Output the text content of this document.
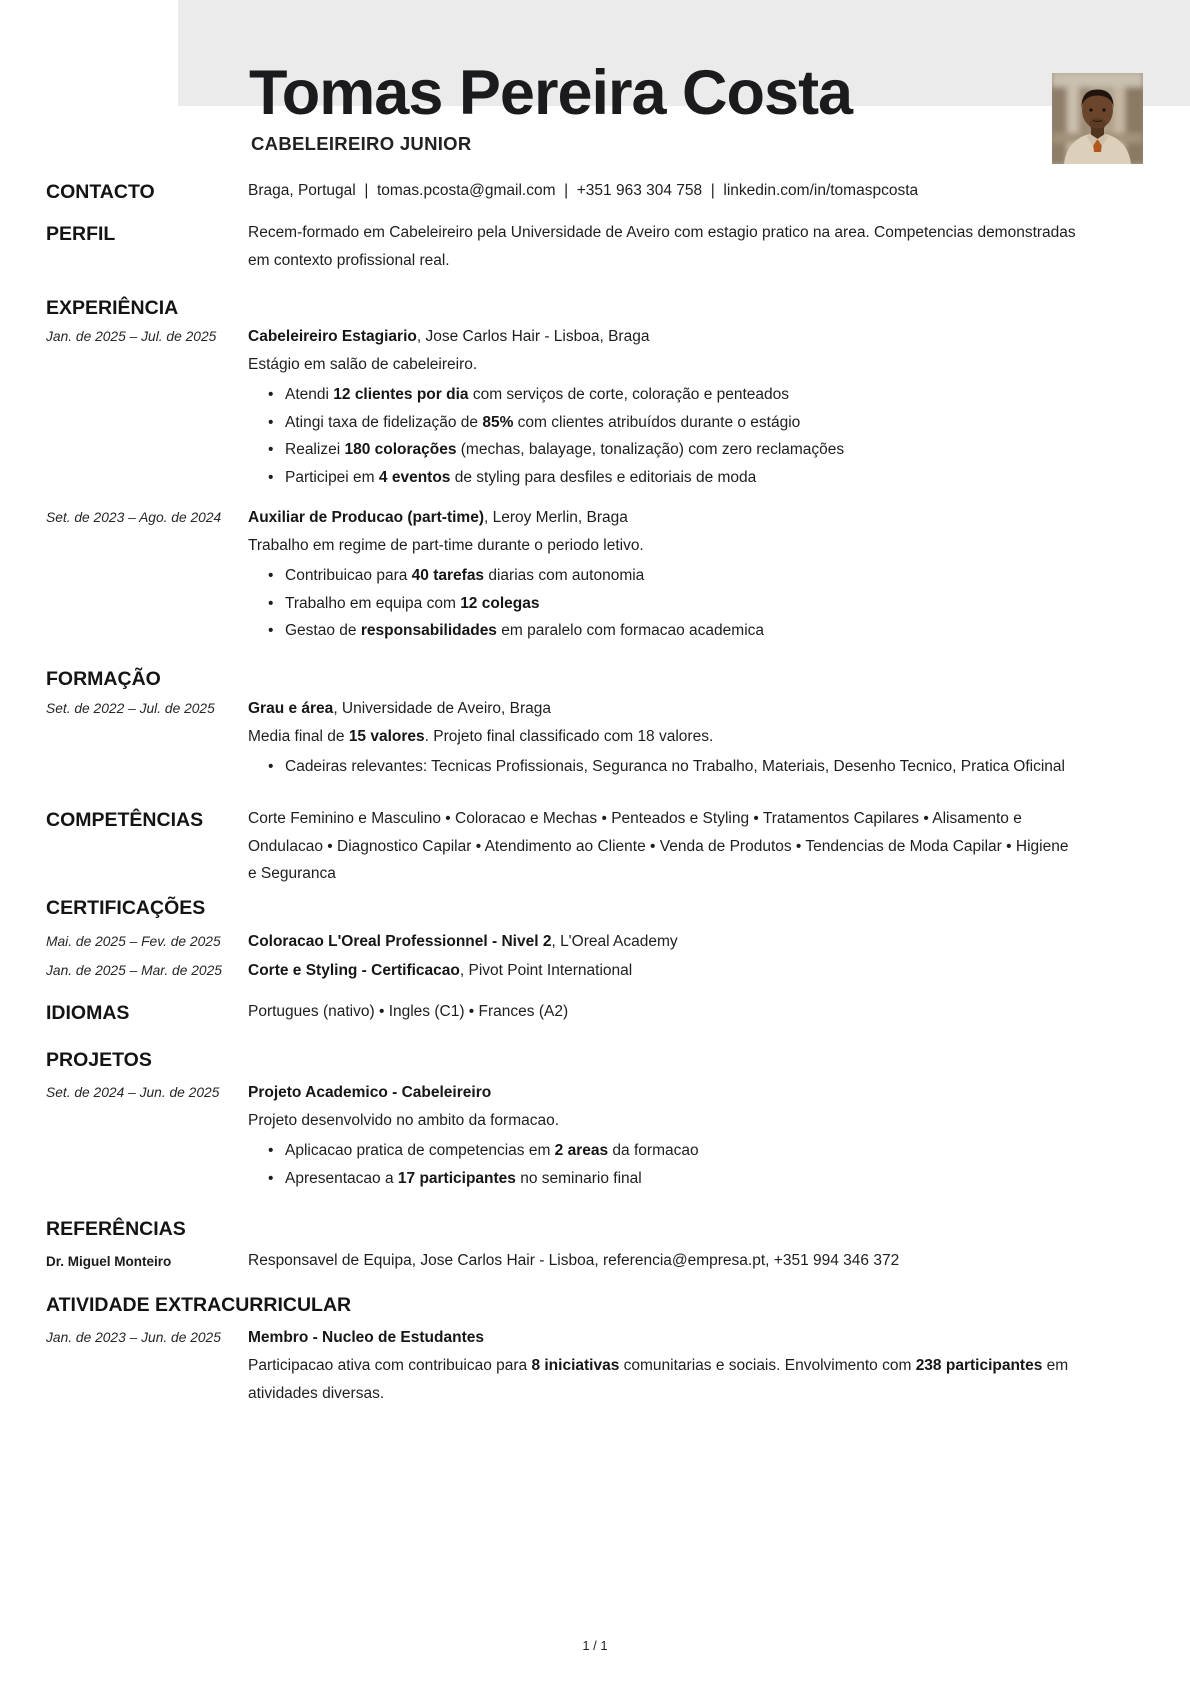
Tomas Pereira Costa
CABELEIREIRO JUNIOR
CONTACTO	Braga, Portugal  |  tomas.pcosta@gmail.com  |  +351 963 304 758  |  linkedin.com/in/tomaspcosta
PERFIL	Recem-formado em Cabeleireiro pela Universidade de Aveiro com estagio pratico na area. Competencias demonstradas
em contexto profissional real.
EXPERIÊNCIA
Jan. de 2025 – Jul. de 2025	Cabeleireiro Estagiario, Jose Carlos Hair - Lisboa, Braga
Estágio em salão de cabeleireiro.
• Atendi 12 clientes por dia com serviços de corte, coloração e penteados
• Atingi taxa de fidelização de 85% com clientes atribuídos durante o estágio
• Realizei 180 colorações (mechas, balayage, tonalização) com zero reclamações
• Participei em 4 eventos de styling para desfiles e editoriais de moda
Set. de 2023 – Ago. de 2024	Auxiliar de Producao (part-time), Leroy Merlin, Braga
Trabalho em regime de part-time durante o periodo letivo.
• Contribuicao para 40 tarefas diarias com autonomia
• Trabalho em equipa com 12 colegas
• Gestao de responsabilidades em paralelo com formacao academica
FORMAÇÃO
Set. de 2022 – Jul. de 2025	Grau e área, Universidade de Aveiro, Braga
Media final de 15 valores. Projeto final classificado com 18 valores.
• Cadeiras relevantes: Tecnicas Profissionais, Seguranca no Trabalho, Materiais, Desenho Tecnico, Pratica Oficinal
COMPETÊNCIAS	Corte Feminino e Masculino • Coloracao e Mechas • Penteados e Styling • Tratamentos Capilares • Alisamento e
Ondulacao • Diagnostico Capilar • Atendimento ao Cliente • Venda de Produtos • Tendencias de Moda Capilar • Higiene
e Seguranca
CERTIFICAÇÕES
Mai. de 2025 – Fev. de 2025	Coloracao L'Oreal Professionnel - Nivel 2, L'Oreal Academy
Jan. de 2025 – Mar. de 2025	Corte e Styling - Certificacao, Pivot Point International
IDIOMAS	Portugues (nativo) • Ingles (C1) • Frances (A2)
PROJETOS
Set. de 2024 – Jun. de 2025	Projeto Academico - Cabeleireiro
Projeto desenvolvido no ambito da formacao.
• Aplicacao pratica de competencias em 2 areas da formacao
• Apresentacao a 17 participantes no seminario final
REFERÊNCIAS
Dr. Miguel Monteiro	Responsavel de Equipa, Jose Carlos Hair - Lisboa, referencia@empresa.pt, +351 994 346 372
ATIVIDADE EXTRACURRICULAR
Jan. de 2023 – Jun. de 2025	Membro - Nucleo de Estudantes
Participacao ativa com contribuicao para 8 iniciativas comunitarias e sociais. Envolvimento com 238 participantes em
atividades diversas.
1 / 1
